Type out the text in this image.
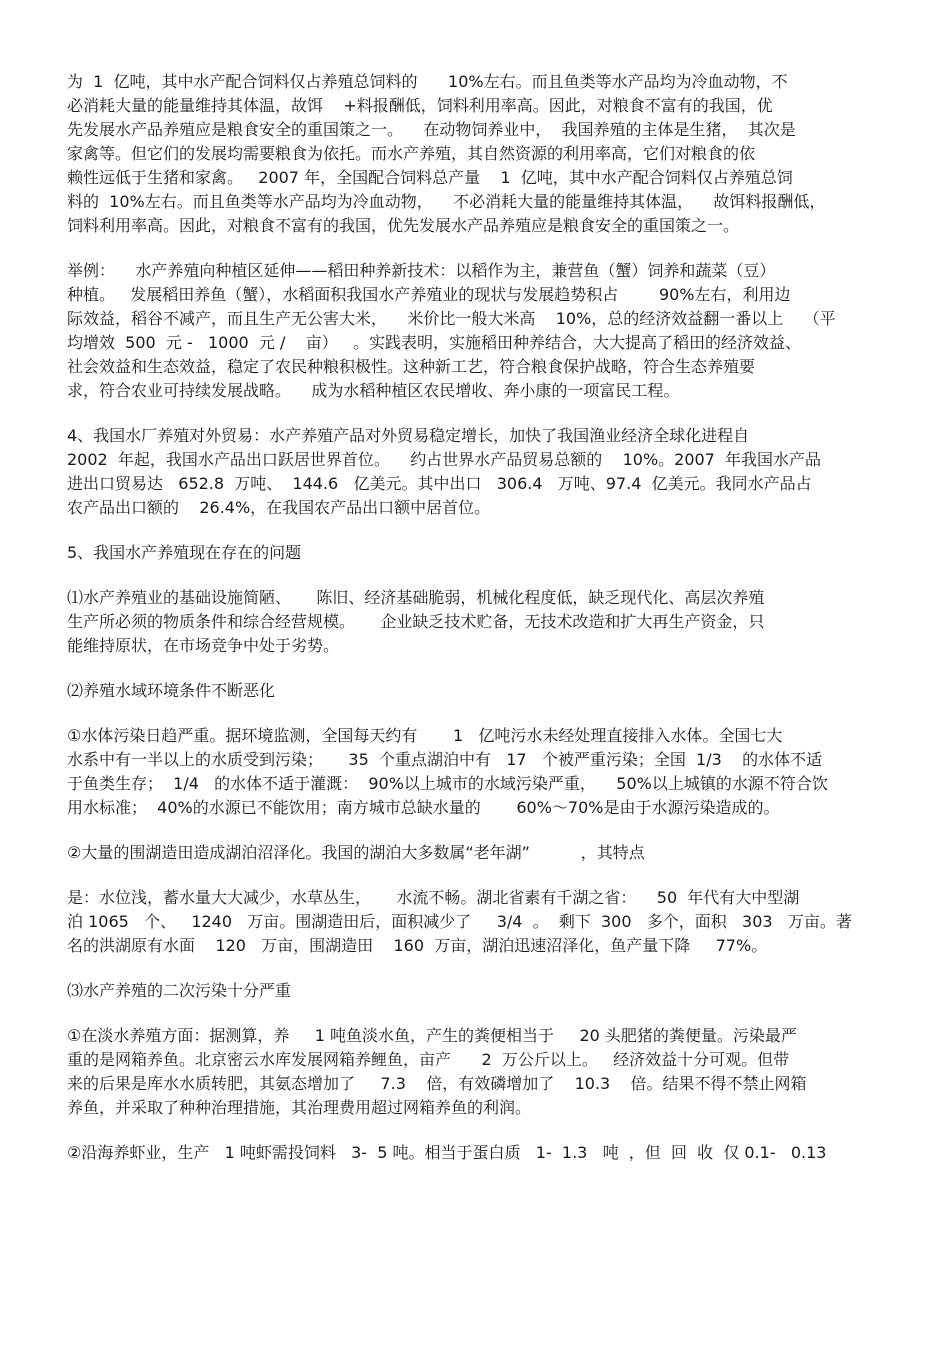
为  1  亿吨，其中水产配合饲料仅占养殖总饲料的      10%左右。而且鱼类等水产品均为冷血动物，不
必消耗大量的能量维持其体温，故饵    +料报酬低，饲料利用率高。因此，对粮食不富有的我国，优
先发展水产品养殖应是粮食安全的重国策之一。    在动物饲养业中，  我国养殖的主体是生猪，  其次是
家禽等。但它们的发展均需要粮食为依托。而水产养殖，其自然资源的利用率高，它们对粮食的依
赖性远低于生猪和家禽。   2007 年，全国配合饲料总产量    1  亿吨，其中水产配合饲料仅占养殖总饲
料的  10%左右。而且鱼类等水产品均为冷血动物，    不必消耗大量的能量维持其体温，    故饵料报酬低，
饲料利用率高。因此，对粮食不富有的我国，优先发展水产品养殖应是粮食安全的重国策之一。
举例：    水产养殖向种植区延伸——稻田种养新技术：以稻作为主，兼营鱼（蟹）饲养和蔬菜（豆）
种植。   发展稻田养鱼（蟹），水稻面积我国水产养殖业的现状与发展趋势积占        90%左右，利用边
际效益，稻谷不减产，而且生产无公害大米，    米价比一般大米高    10%，总的经济效益翻一番以上    （平
均增效  500  元 -   1000  元 /    亩）   。实践表明，实施稻田种养结合，大大提高了稻田的经济效益、
社会效益和生态效益，稳定了农民种粮积极性。这种新工艺，符合粮食保护战略，符合生态养殖要
求，符合农业可持续发展战略。    成为水稻种植区农民增收、奔小康的一项富民工程。
4、我国水厂养殖对外贸易：水产养殖产品对外贸易稳定增长，加快了我国渔业经济全球化进程自
2002  年起，我国水产品出口跃居世界首位。    约占世界水产品贸易总额的    10%。2007  年我国水产品
进出口贸易达   652.8  万吨、  144.6   亿美元。其中出口   306.4   万吨、97.4  亿美元。我同水产品占
农产品出口额的    26.4%，在我国农产品出口额中居首位。
5、我国水产养殖现在存在的问题
⑴水产养殖业的基础设施简陋、     陈旧、经济基础脆弱，机械化程度低，缺乏现代化、高层次养殖
生产所必须的物质条件和综合经营规模。     企业缺乏技术贮备，无技术改造和扩大再生产资金，只
能维持原状，在市场竞争中处于劣势。
⑵养殖水域环境条件不断恶化
①水体污染日趋严重。据环境监测，全国每天约有       1   亿吨污水未经处理直接排入水体。全国七大
水系中有一半以上的水质受到污染；     35  个重点湖泊中有   17   个被严重污染；全国  1/3    的水体不适
于鱼类生存；  1/4   的水体不适于灌溉：  90%以上城市的水域污染严重，    50%以上城镇的水源不符合饮
用水标准；  40%的水源已不能饮用；南方城市总缺水量的       60%～70%是由于水源污染造成的。
②大量的围湖造田造成湖泊沼泽化。我国的湖泊大多数属“老年湖”          ，其特点
是：水位浅，蓄水量大大减少，水草丛生，     水流不畅。湖北省素有千湖之省：    50  年代有大中型湖
泊 1065   个、   1240   万亩。围湖造田后，面积减少了     3/4  。  剩下  300   多个，面积   303   万亩。著
名的洪湖原有水面    120   万亩，围湖造田    160  万亩，湖泊迅速沼泽化，鱼产量下降     77%。
⑶水产养殖的二次污染十分严重
①在淡水养殖方面：据测算，养     1 吨鱼淡水鱼，产生的粪便相当于     20 头肥猪的粪便量。污染最严
重的是网箱养鱼。北京密云水库发展网箱养鲤鱼，亩产      2  万公斤以上。   经济效益十分可观。但带
来的后果是库水水质转肥，其氨态增加了     7.3    倍，有效磷增加了    10.3    倍。结果不得不禁止网箱
养鱼，并采取了种种治理措施，其治理费用超过网箱养鱼的利润。
②沿海养虾业，生产   1 吨虾需投饲料   3-  5 吨。相当于蛋白质   1-  1.3   吨  ，但  回  收  仅 0.1-   0.13
